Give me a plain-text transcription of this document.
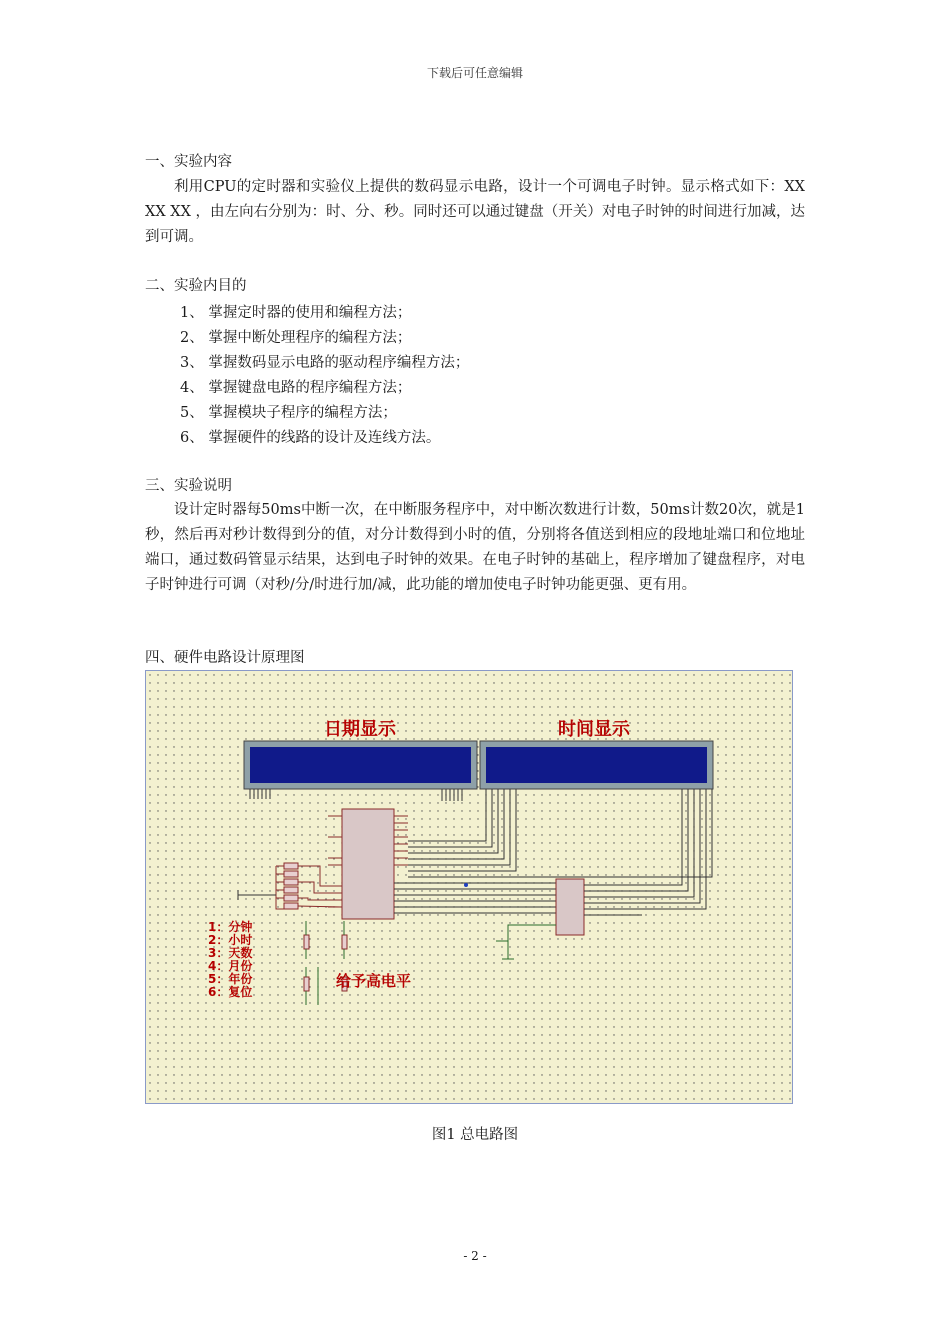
下载后可任意编辑
一、实验内容
利用CPU的定时器和实验仪上提供的数码显示电路，设计一个可调电子时钟。显示格式如下：XX XX XX ，由左向右分别为：时、分、秒。同时还可以通过键盘（开关）对电子时钟的时间进行加减，达到可调。
二、实验内目的
1、 掌握定时器的使用和编程方法；
2、 掌握中断处理程序的编程方法；
3、 掌握数码显示电路的驱动程序编程方法；
4、 掌握键盘电路的程序编程方法；
5、 掌握模块子程序的编程方法；
6、 掌握硬件的线路的设计及连线方法。
三、实验说明
设计定时器每50ms中断一次，在中断服务程序中，对中断次数进行计数，50ms计数20次，就是1秒，然后再对秒计数得到分的值，对分计数得到小时的值，分别将各值送到相应的段地址端口和位地址端口，通过数码管显示结果，达到电子时钟的效果。在电子时钟的基础上，程序增加了键盘程序，对电子时钟进行可调（对秒/分/时进行加/减，此功能的增加使电子时钟功能更强、更有用。
四、硬件电路设计原理图
日期显示	时间显示
1：分钟
2：小时
3：天数
4：月份
5：年份
6：复位
给予高电平
图1 总电路图
- 2 -
